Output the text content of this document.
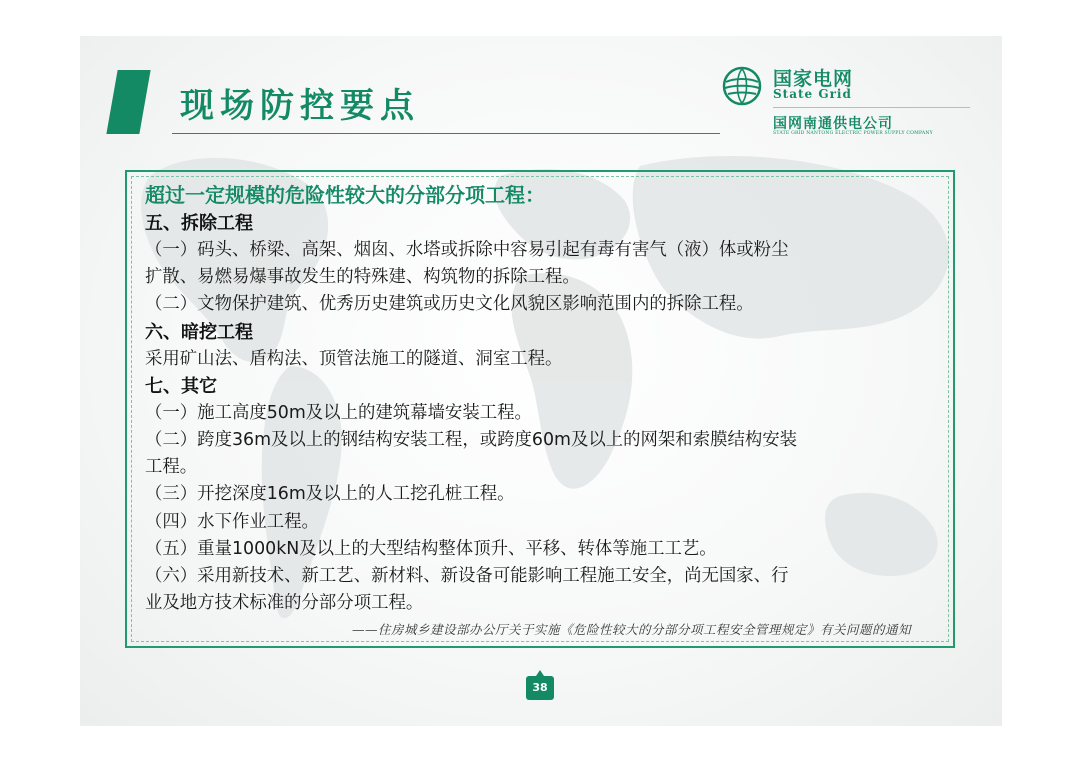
现场防控要点
国家电网
State Grid
国网南通供电公司
STATE GRID NANTONG ELECTRIC POWER SUPPLY COMPANY
超过一定规模的危险性较大的分部分项工程：
五、拆除工程
（一）码头、桥梁、高架、烟囱、水塔或拆除中容易引起有毒有害气（液）体或粉尘
扩散、易燃易爆事故发生的特殊建、构筑物的拆除工程。
（二）文物保护建筑、优秀历史建筑或历史文化风貌区影响范围内的拆除工程。
六、暗挖工程
采用矿山法、盾构法、顶管法施工的隧道、洞室工程。
七、其它
（一）施工高度50m及以上的建筑幕墙安装工程。
（二）跨度36m及以上的钢结构安装工程，或跨度60m及以上的网架和索膜结构安装
工程。
（三）开挖深度16m及以上的人工挖孔桩工程。
（四）水下作业工程。
（五）重量1000kN及以上的大型结构整体顶升、平移、转体等施工工艺。
（六）采用新技术、新工艺、新材料、新设备可能影响工程施工安全，尚无国家、行
业及地方技术标准的分部分项工程。
——住房城乡建设部办公厅关于实施《危险性较大的分部分项工程安全管理规定》有关问题的通知
38
